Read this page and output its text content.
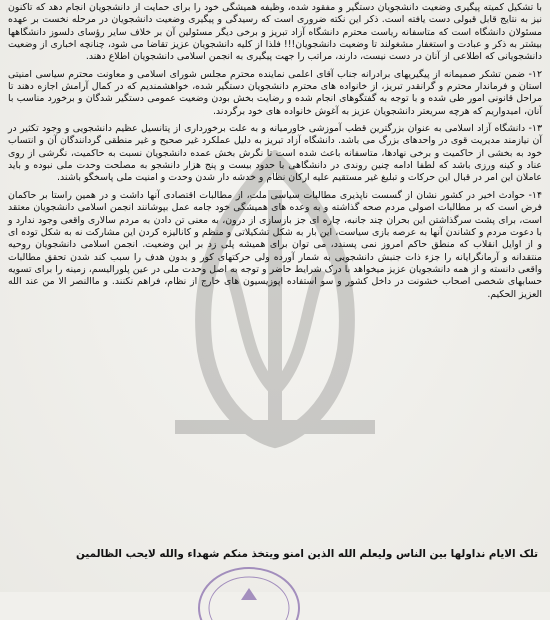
با تشکیل کمیته پیگیری وضعیت دانشجویان دستگیر و مفقود شده، وظیفه همیشگی خود را برای حمایت از دانشجویان انجام دهد که تاکنون نیز به نتایج قابل قبولی دست یافته است. ذکر این نکته ضروری است که رسیدگی و پیگیری وضعیت دانشجویان در مرحله نخست بر عهده مسئولان دانشگاه است که متاسفانه ریاست محترم دانشگاه آزاد تبریز و برخی دیگر مسئولین آن بر خلاف سایر رؤسای دلسوز دانشگاهها بیشتر به ذکر و عبادت و استغفار مشغولند تا وضعیت دانشجویان!!! فلذا از کلیه دانشجویان عزیز تقاضا می شود، چنانچه اخباری از وضعیت دانشجویانی که اطلاعی از آنان در دست نیست، دارند، مراتب را جهت پیگیری به انجمن اسلامی دانشجویان اطلاع دهند.

۱۲- ضمن تشکر صمیمانه از پیگیریهای برادرانه جناب آقای اعلمی نماینده محترم مجلس شورای اسلامی و معاونت محترم سیاسی امنیتی استان و فرماندار محترم و گرانقدر تبریز، از خانواده های محترم دانشجویان دستگیر شده، خواهشمندیم که در کمال آرامش اجازه دهند تا مراحل قانونی امور طی شده و با توجه به گفتگوهای انجام شده و رضایت بخش بودن وضعیت عمومی دستگیر شدگان و برخورد مناسب با آنان، امیدواریم که هرچه سریعتر دانشجویان عزیز به آغوش خانواده های خود برگردند.

۱۳- دانشگاه آزاد اسلامی به عنوان بزرگترین قطب آموزشی خاورمیانه و به علت برخورداری از پتانسیل عظیم دانشجویی و وجود تکثیر در آن نیازمند مدیریت قوی در واحدهای بزرگ می باشد. دانشگاه آزاد تبریز به دلیل عملکرد غیر صحیح و غیر منطقی گردانندگان آن و انتساب خود به بخشی از حاکمیت و برخی نهادها، متاسفانه باعث شده است تا نگرش بخش عمده دانشجویان نسبت به حاکمیت، نگرشی از روی عناد و کینه ورزی باشد که لطفا ادامه چنین روندی در دانشگاهی با حدود بیست و پنج هزار دانشجو به مصلحت وحدت ملی نبوده و باید عاملان این امر در قبال این حرکات و تبلیغ غیر مستقیم علیه ارکان نظام و خدشه دار شدن وحدت و امنیت ملی پاسخگو باشند.

۱۴- حوادث اخیر در کشور نشان از گسست ناپذیری مطالبات سیاسی ملت، از مطالبات اقتصادی آنها داشت و در همین راستا بر حاکمان فرض است که بر مطالبات اصولی مردم صحه گذاشته و به وعده های همیشگی خود جامه عمل بپوشانند انجمن اسلامی دانشجویان معتقد است، برای پشت سرگذاشتن این بحران چند جانبه، چاره ای جز بازسازی از درون، به معنی تن دادن به مردم سالاری واقعی وجود ندارد و با دعوت مردم و کشاندن آنها به عرصه بازی سیاست، این بار به شکل تشکیلاتی و منظم و کاناليزه کردن این مشارکت نه به شکل توده ای و از اوایل انقلاب که منطق حاکم امروز نمی پسندد، می توان برای همیشه پلی زد بر این وضعیت. انجمن اسلامی دانشجویان روحیه منتقدانه و آرمانگرایانه را جزء ذات جنبش دانشجویی به شمار آورده ولی حرکتهای کور و بدون هدف را سبب کند شدن تحقق مطالبات واقعی دانسته و از همه دانشجویان عزیز میخواهد با درک شرایط حاضر و توجه به اصل وحدت ملی در عین پلورالیسم، زمینه را برای تسویه حسابهای شخصی اصحاب خشونت در داخل کشور و سو استفاده اپوزیسیون های خارج از نظام، فراهم نکنند. و ماالنصر الا من عند الله العزیز الحکیم.

تلک الایام نداولها بین الناس ولیعلم الله الذین امنو ویتخذ منکم شهداء والله لایحب الظالمین
